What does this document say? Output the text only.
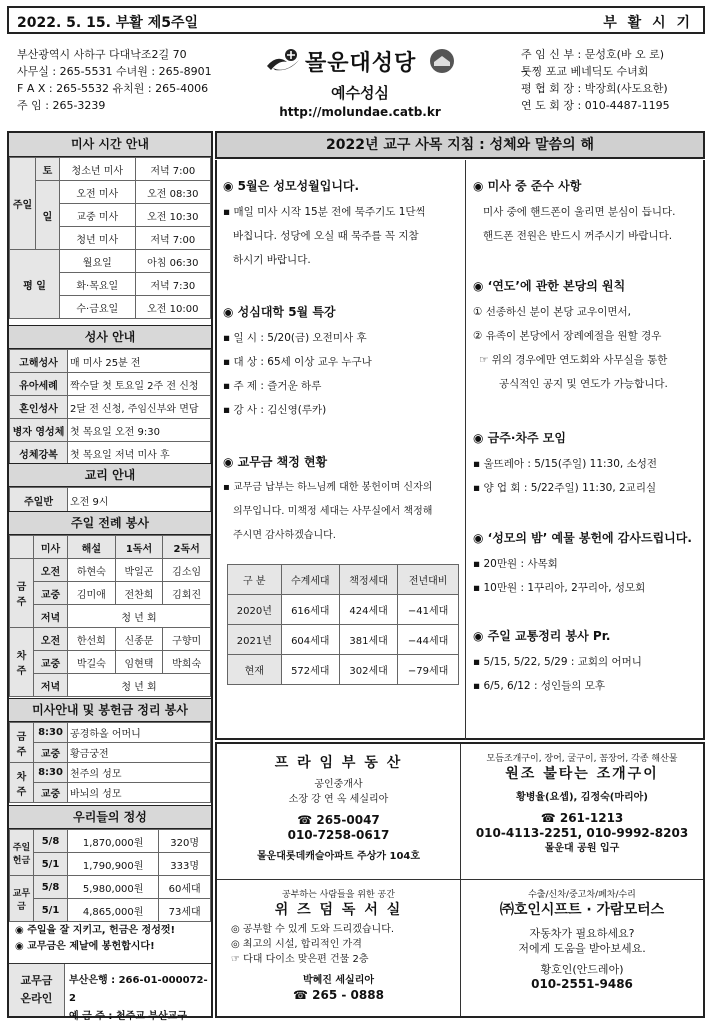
2022. 5. 15. 부활 제5주일	부 활 시 기
부산광역시 사하구 다대낙조2길 70
사무실 : 265-5531 수녀원 : 265-8901
F A X : 265-5532 유치원 : 265-4006
주 임 : 265-3239
몰운대성당
예수성심
http://molundae.catb.kr
주 임 신 부 : 문성호(바 오 로)
툿찡 포교 베네딕도 수녀회
평 협 회 장 : 박장희(사도요한)
연 도 회 장 : 010-4487-1195
미사 시간 안내
주일	토	청소년 미사	저녁 7:00
	일	오전 미사	오전 08:30
		교중 미사	오전 10:30
		청년 미사	저녁 7:00
평 일		월요일	아침 06:30
		화·목요일	저녁 7:30
		수·금요일	오전 10:00
성사 안내
고해성사	매 미사 25분 전
유아세례	짝수달 첫 토요일 2주 전 신청
혼인성사	2달 전 신청, 주임신부와 면담
병자 영성체	첫 목요일 오전 9:30
성체강복	첫 목요일 저녁 미사 후
교리 안내
주일반	오전 9시
주일 전례 봉사
	미사	해설	1독서	2독서
금주	오전	하현숙	박일곤	김소임
	교중	김미애	전찬희	김회진
	저녁	청 년 회		
차주	오전	한선희	신종문	구향미
	교중	박길숙	임현택	박희숙
	저녁	청 년 회		
미사안내 및 봉헌금 정리 봉사
금주	8:30	공경하올 어머니
	교중	황금궁전
차주	8:30	천주의 성모
	교중	바뇌의 성모
우리들의 정성
주일
헌금	5/8	1,870,000원	320명
	5/1	1,790,900원	333명
교무금	5/8	5,980,000원	60세대
	5/1	4,865,000원	73세대
◉ 주일을 잘 지키고, 헌금은 정성껏!
◉ 교무금은 제날에 봉헌합시다!
교무금
온라인
부산은행 : 266-01-000072-2
예 금 주 : 천주교 부산교구
2022년 교구 사목 지침 : 성체와 말씀의 해
◉ 5월은 성모성월입니다.

▪ 매일 미사 시작 15분 전에 묵주기도 1단씩

바칩니다. 성당에 오실 때 묵주를 꼭 지참

하시기 바랍니다.

◉ 성심대학 5월 특강

▪ 일 시 : 5/20(금) 오전미사 후

▪ 대 상 : 65세 이상 교우 누구나

▪ 주 제 : 즐거운 하루

▪ 강 사 : 김신영(루카)

◉ 교무금 책정 현황

▪ 교무금 납부는 하느님께 대한 봉헌이며 신자의

의무입니다. 미책정 세대는 사무실에서 책정해

주시면 감사하겠습니다.

구 분	수계세대	책정세대	전년대비
2020년	616세대	424세대	−41세대
2021년	604세대	381세대	−44세대
현재	572세대	302세대	−79세대
◉ 미사 중 준수 사항

미사 중에 핸드폰이 울리면 분심이 듭니다.

핸드폰 전원은 반드시 꺼주시기 바랍니다.

◉ ‘연도’에 관한 본당의 원칙

① 선종하신 분이 본당 교우이면서,

② 유족이 본당에서 장례예절을 원할 경우

☞ 위의 경우에만 연도회와 사무실을 통한

공식적인 공지 및 연도가 가능합니다.

◉ 금주·차주 모임

▪ 울뜨레아 : 5/15(주일) 11:30, 소성전

▪ 양 업 회 : 5/22주일) 11:30, 2교리실

◉ ‘성모의 밤’ 예물 봉헌에 감사드립니다.

▪ 20만원 : 사목회

▪ 10만원 : 1꾸리아, 2꾸리아, 성모회

◉ 주일 교통정리 봉사 Pr.

▪ 5/15, 5/22, 5/29 : 교회의 어머니

▪ 6/5, 6/12 : 성인들의 모후

프 라 임 부 동 산
공인중개사
소장 강 연 옥 세실리아
☎ 265-0047
010-7258-0617
몰운대롯데캐슬아파트 주상가 104호
모듬조개구이, 장어, 굴구이, 꼼장어, 각종 해산물
원조 불타는 조개구이
황병율(요셉), 김정숙(마리아)
☎ 261-1213
010-4113-2251, 010-9992-8203
몰운대 공원 입구
공부하는 사람들을 위한 공간
위 즈 덤 독 서 실
◎ 공부할 수 있게 도와 드리겠습니다.
◎ 최고의 시설, 합리적인 가격
☞ 다대 다이소 맞은편 건물 2층
박혜진 세실리아
☎ 265 - 0888
수출/신차/중고차/폐차/수리
㈜호인시프트 · 가람모터스
자동차가 필요하세요?
저에게 도움을 받아보세요.
황호인(안드레아)
010-2551-9486
